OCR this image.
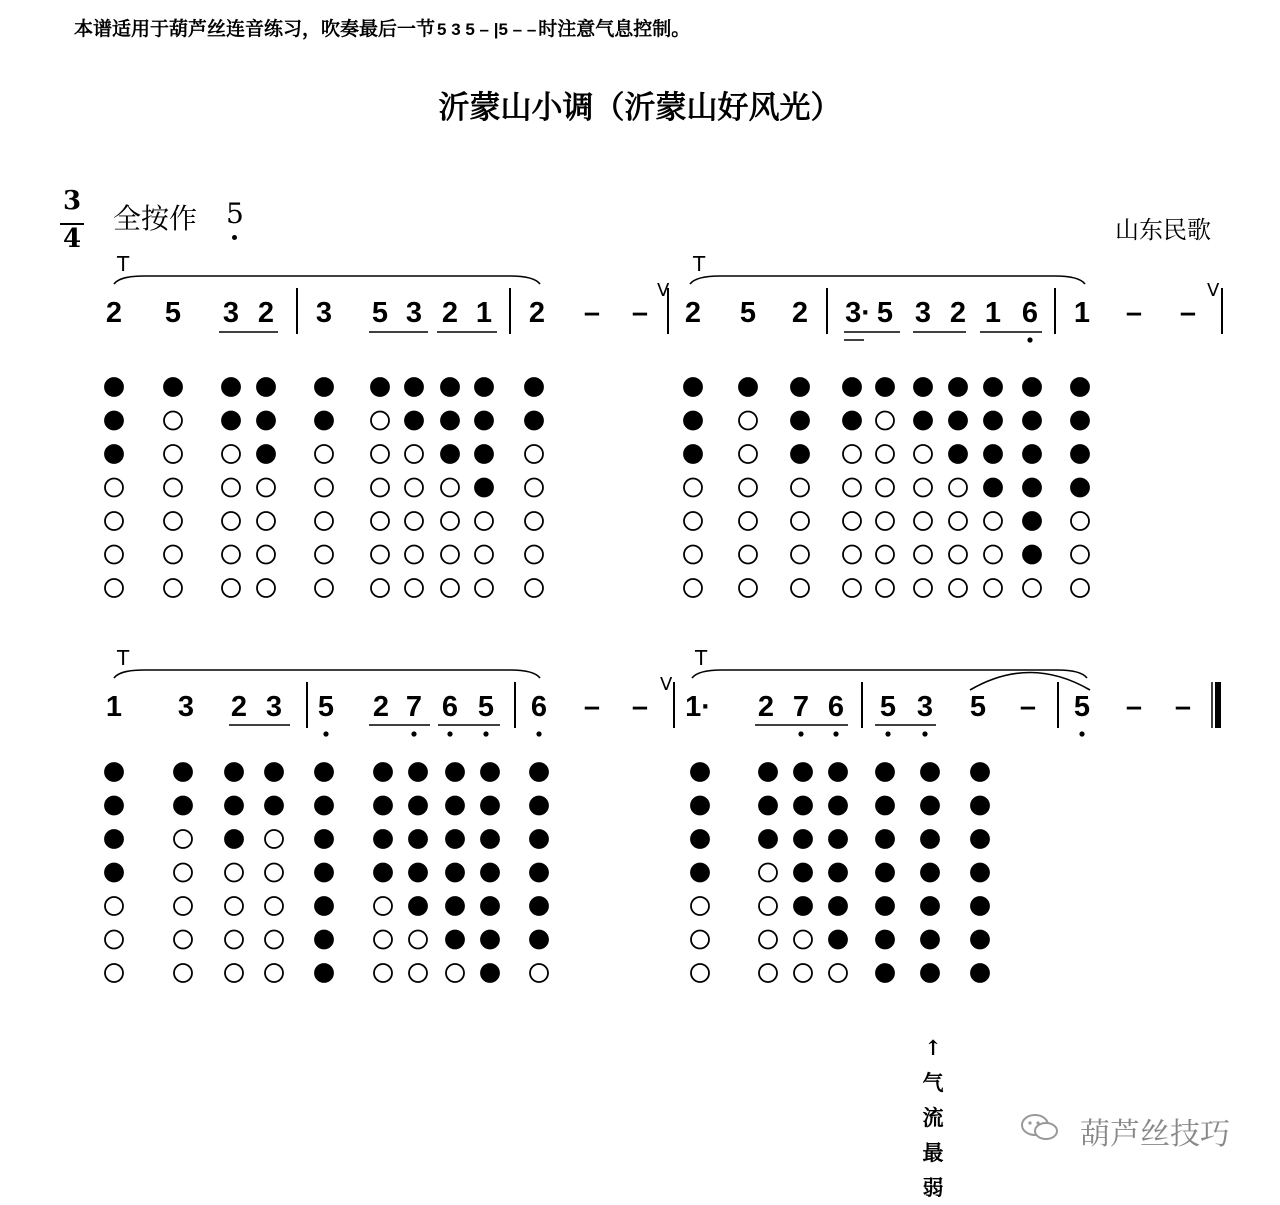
本谱适用于葫芦丝连音练习，吹奏最后一节 5 3 5 – |5 – – 时注意气息控制。
沂蒙山小调（沂蒙山好风光）
3
4
全按作 5	山东民歌
T	T
V	V
2 5 3 2 3 5 3 2 1 2 – – 2 5 2 3· 5 3 2 1 6 1 – –
T	T
V
1 3 2 3 5 2 7 6 5 6 – – 1· 2 7 6 5 3 5 – 5 – –
↑
气
流
最
弱
葫芦丝技巧
